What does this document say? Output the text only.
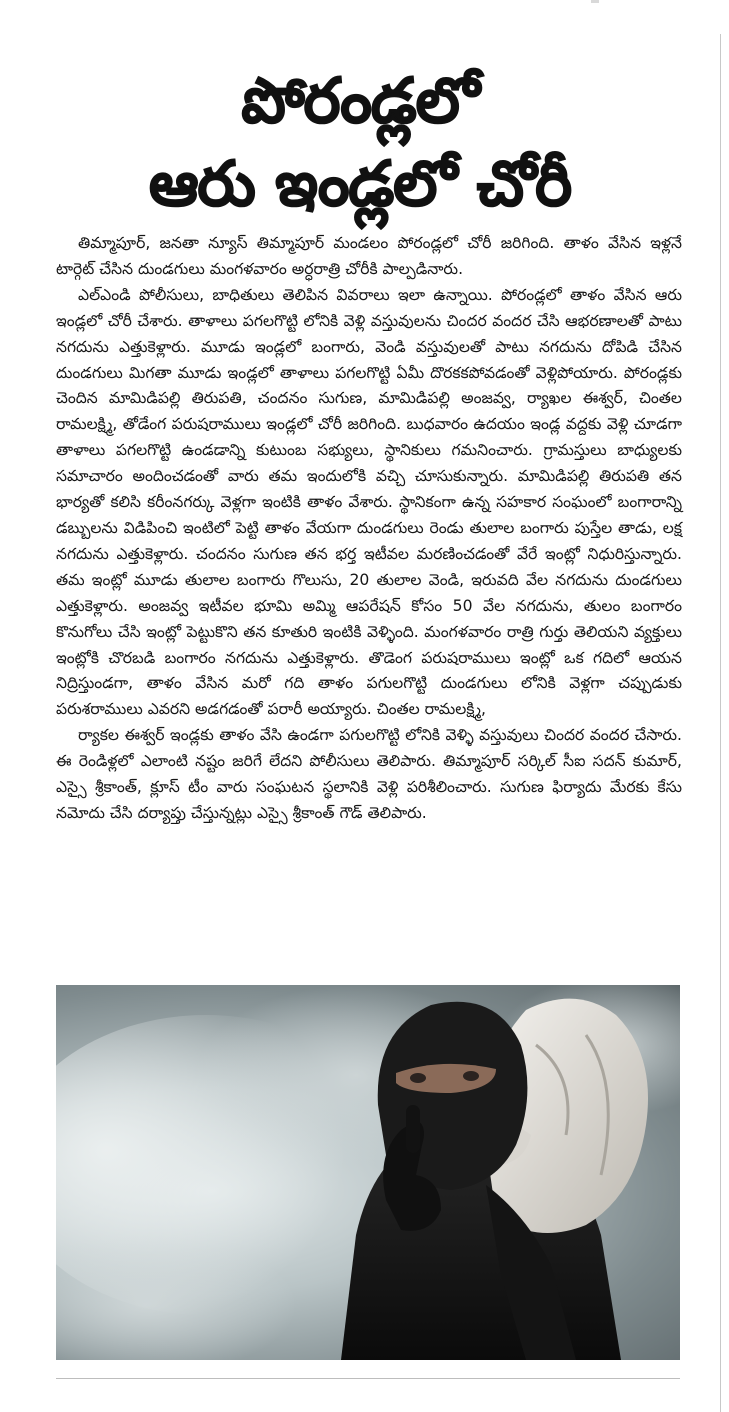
పోరండ్లలో
ఆరు ఇండ్లలో చోరీ

తిమ్మాపూర్, జనతా న్యూస్ తిమ్మాపూర్ మండలం పోరండ్లలో చోరీ జరిగింది. తాళం వేసిన ఇళ్లనే టార్గెట్ చేసిన దుండగులు మంగళవారం అర్ధరాత్రి చోరీకి పాల్పడినారు.

ఎల్ఎండి పోలీసులు, బాధితులు తెలిపిన వివరాలు ఇలా ఉన్నాయి. పోరండ్లలో తాళం వేసిన ఆరు ఇండ్లలో చోరీ చేశారు. తాళాలు పగలగొట్టి లోనికి వెళ్లి వస్తువులను చిందర వందర చేసి ఆభరణాలతో పాటు నగదును ఎత్తుకెళ్లారు. మూడు ఇండ్లలో బంగారు, వెండి వస్తువులతో పాటు నగదును దోపిడి చేసిన దుండగులు మిగతా మూడు ఇండ్లలో తాళాలు పగలగొట్టి ఏమీ దొరకకపోవడంతో వెళ్లిపోయారు. పోరండ్లకు చెందిన మామిడిపల్లి తిరుపతి, చందనం సుగుణ, మామిడిపల్లి అంజవ్వ, ర్యాఖల ఈశ్వర్, చింతల రామలక్ష్మి, తోడేంగ పరుషరాములు ఇండ్లలో చోరీ జరిగింది. బుధవారం ఉదయం ఇండ్ల వద్దకు వెళ్లి చూడగా తాళాలు పగలగొట్టి ఉండడాన్ని కుటుంబ సభ్యులు, స్థానికులు గమనించారు. గ్రామస్తులు బాధ్యులకు సమాచారం అందించడంతో వారు తమ ఇందులోకి వచ్చి చూసుకున్నారు. మామిడిపల్లి తిరుపతి తన భార్యతో కలిసి కరీంనగర్కు వెళ్లగా ఇంటికి తాళం వేశారు. స్థానికంగా ఉన్న సహకార సంఘంలో బంగారాన్ని డబ్బులను విడిపించి ఇంటిలో పెట్టి తాళం వేయగా దుండగులు రెండు తులాల బంగారు పుస్తేల తాడు, లక్ష నగదును ఎత్తుకెళ్లారు. చందనం సుగుణ తన భర్త ఇటీవల మరణించడంతో వేరే ఇంట్లో నిధురిస్తున్నారు. తమ ఇంట్లో మూడు తులాల బంగారు గొలుసు, 20 తులాల వెండి, ఇరువది వేల నగదును దుండగులు ఎత్తుకెళ్లారు. అంజవ్వ ఇటీవల భూమి అమ్మి ఆపరేషన్ కోసం 50 వేల నగదును, తులం బంగారం కొనుగోలు చేసి ఇంట్లో పెట్టుకొని తన కూతురి ఇంటికి వెళ్ళింది. మంగళవారం రాత్రి గుర్తు తెలియని వ్యక్తులు ఇంట్లోకి చొరబడి బంగారం నగదును ఎత్తుకెళ్లారు. తొడెంగ పరుషరాములు ఇంట్లో ఒక గదిలో ఆయన నిద్రిస్తుండగా, తాళం వేసిన మరో గది తాళం పగులగొట్టి దుండగులు లోనికి వెళ్లగా చప్పుడుకు పరుశరాములు ఎవరని అడగడంతో పరారీ అయ్యారు. చింతల రామలక్ష్మి,

ర్యాకల ఈశ్వర్ ఇండ్లకు తాళం వేసి ఉండగా పగులగొట్టి లోనికి వెళ్ళి వస్తువులు చిందర వందర చేసారు. ఈ రెండిళ్లలో ఎలాంటి నష్టం జరిగే లేదని పోలీసులు తెలిపారు. తిమ్మాపూర్ సర్కిల్ సీఐ సదన్ కుమార్, ఎస్సై శ్రీకాంత్, క్లూస్ టీం వారు సంఘటన స్థలానికి వెళ్లి పరిశీలించారు. సుగుణ ఫిర్యాదు మేరకు కేసు నమోదు చేసి దర్యాప్తు చేస్తున్నట్లు ఎస్సై శ్రీకాంత్ గౌడ్ తెలిపారు.
